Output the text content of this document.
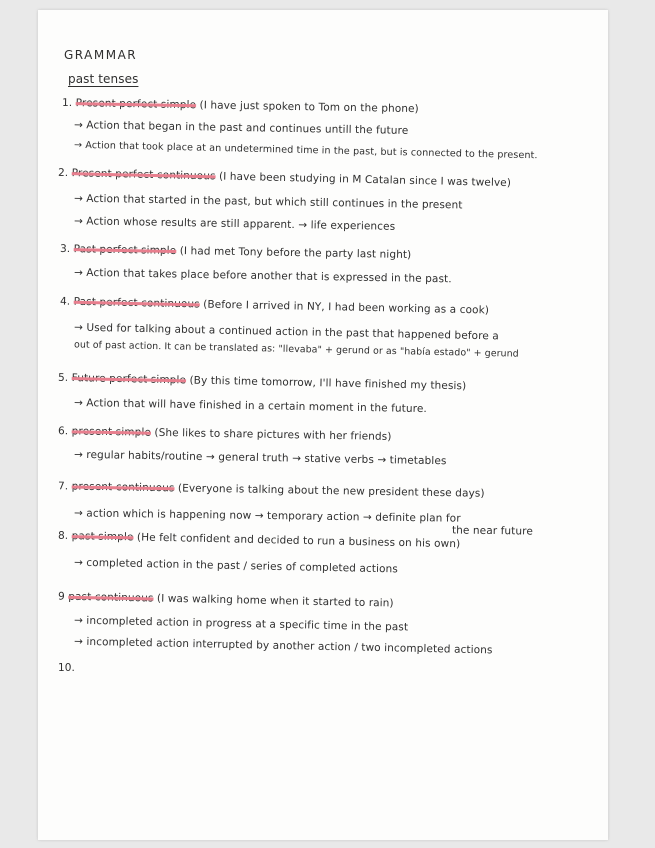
GRAMMAR
past tenses
1. Present perfect simple (I have just spoken to Tom on the phone)
→ Action that began in the past and continues untill the future
→ Action that took place at an undetermined time in the past, but is connected to the present.
2. Present perfect continuous (I have been studying in M Catalan since I was twelve)
→ Action that started in the past, but which still continues in the present
→ Action whose results are still apparent. → life experiences
3. Past perfect simple (I had met Tony before the party last night)
→ Action that takes place before another that is expressed in the past.
4. Past perfect continuous (Before I arrived in NY, I had been working as a cook)
→ Used for talking about a continued action in the past that happened before a
out of past action. It can be translated as: "llevaba" + gerund or as "había estado" + gerund
5. Future perfect simple (By this time tomorrow, I'll have finished my thesis)
→ Action that will have finished in a certain moment in the future.
6. present simple (She likes to share pictures with her friends)
→ regular habits/routine → general truth → stative verbs → timetables
7. present continuous (Everyone is talking about the new president these days)
→ action which is happening now → temporary action → definite plan for
the near future
8. past simple (He felt confident and decided to run a business on his own)
→ completed action in the past / series of completed actions
9 past continuous (I was walking home when it started to rain)
→ incompleted action in progress at a specific time in the past
→ incompleted action interrupted by another action / two incompleted actions
10.
